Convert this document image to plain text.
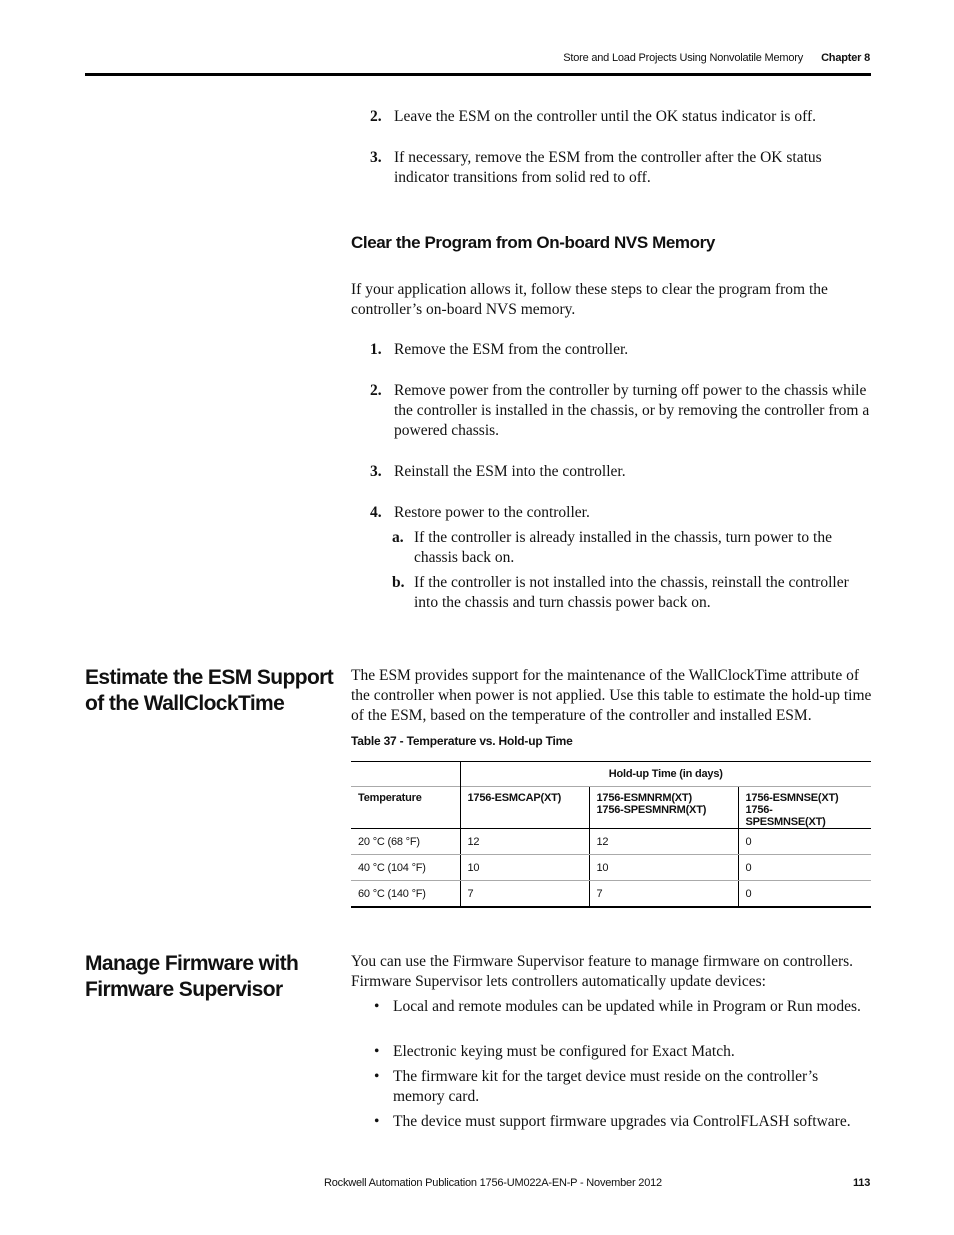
Store and Load Projects Using Nonvolatile Memory Chapter 8
2. Leave the ESM on the controller until the OK status indicator is off.
3. If necessary, remove the ESM from the controller after the OK status indicator transitions from solid red to off.
Clear the Program from On-board NVS Memory
If your application allows it, follow these steps to clear the program from the controller’s on-board NVS memory.
1. Remove the ESM from the controller.
2. Remove power from the controller by turning off power to the chassis while the controller is installed in the chassis, or by removing the controller from a powered chassis.
3. Reinstall the ESM into the controller.
4. Restore power to the controller.
a. If the controller is already installed in the chassis, turn power to the chassis back on.
b. If the controller is not installed into the chassis, reinstall the controller into the chassis and turn chassis power back on.
Estimate the ESM Support of the WallClockTime
The ESM provides support for the maintenance of the WallClockTime attribute of the controller when power is not applied. Use this table to estimate the hold-up time of the ESM, based on the temperature of the controller and installed ESM.
Table 37 - Temperature vs. Hold-up Time
	Hold-up Time (in days)		
Temperature	1756-ESMCAP(XT)	1756-ESMNRM(XT) 1756-SPESMNRM(XT)	1756-ESMNSE(XT) 1756-SPESMNSE(XT)
20 °C (68 °F)	12	12	0
40 °C (104 °F)	10	10	0
60 °C (140 °F)	7	7	0
Manage Firmware with Firmware Supervisor
You can use the Firmware Supervisor feature to manage firmware on controllers. Firmware Supervisor lets controllers automatically update devices:
• Local and remote modules can be updated while in Program or Run modes.
• Electronic keying must be configured for Exact Match.
• The firmware kit for the target device must reside on the controller’s memory card.
• The device must support firmware upgrades via ControlFLASH software.
Rockwell Automation Publication 1756-UM022A-EN-P - November 2012	113
